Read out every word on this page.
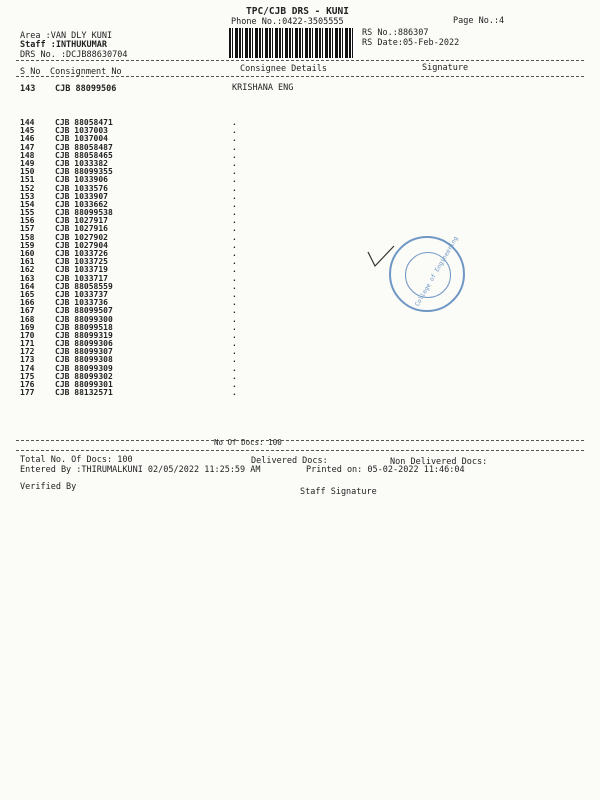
TPC/CJB DRS - KUNI
Phone No.:0422-3505555	Page No.:4
Area :VAN DLY KUNI
Staff :INTHUKUMAR
DRS No. :DCJB88630704
RS No.:886307
RS Date:05-Feb-2022
S No Consignment No	Consignee Details	Signature
143 CJB 88099506	KRISHANA ENG
144	CJB 88058471	.
145	CJB 1037003	.
146	CJB 1037004	.
147	CJB 88058487	.
148	CJB 88058465	.
149	CJB 1033382	.
150	CJB 88099355	.
151	CJB 1033906	.
152	CJB 1033576	.
153	CJB 1033907	.
154	CJB 1033662	.
155	CJB 88099538	.
156	CJB 1027917	.
157	CJB 1027916	.
158	CJB 1027902	.
159	CJB 1027904	.
160	CJB 1033726	.
161	CJB 1033725	.
162	CJB 1033719	.
163	CJB 1033717	.
164	CJB 88058559	.
165	CJB 1033737	.
166	CJB 1033736	.
167	CJB 88099507	.
168	CJB 88099300	.
169	CJB 88099518	.
170	CJB 88099319	.
171	CJB 88099306	.
172	CJB 88099307	.
173	CJB 88099308	.
174	CJB 88099309	.
175	CJB 88099302	.
176	CJB 88099301	.
177	CJB 88132571	.
College of Engineering
No Of Docs: 100
Total No. Of Docs: 100	Delivered Docs:	Non Delivered Docs:
Entered By :THIRUMALKUNI 02/05/2022 11:25:59 AM	Printed on: 05-02-2022 11:46:04
Verified By	Staff Signature
